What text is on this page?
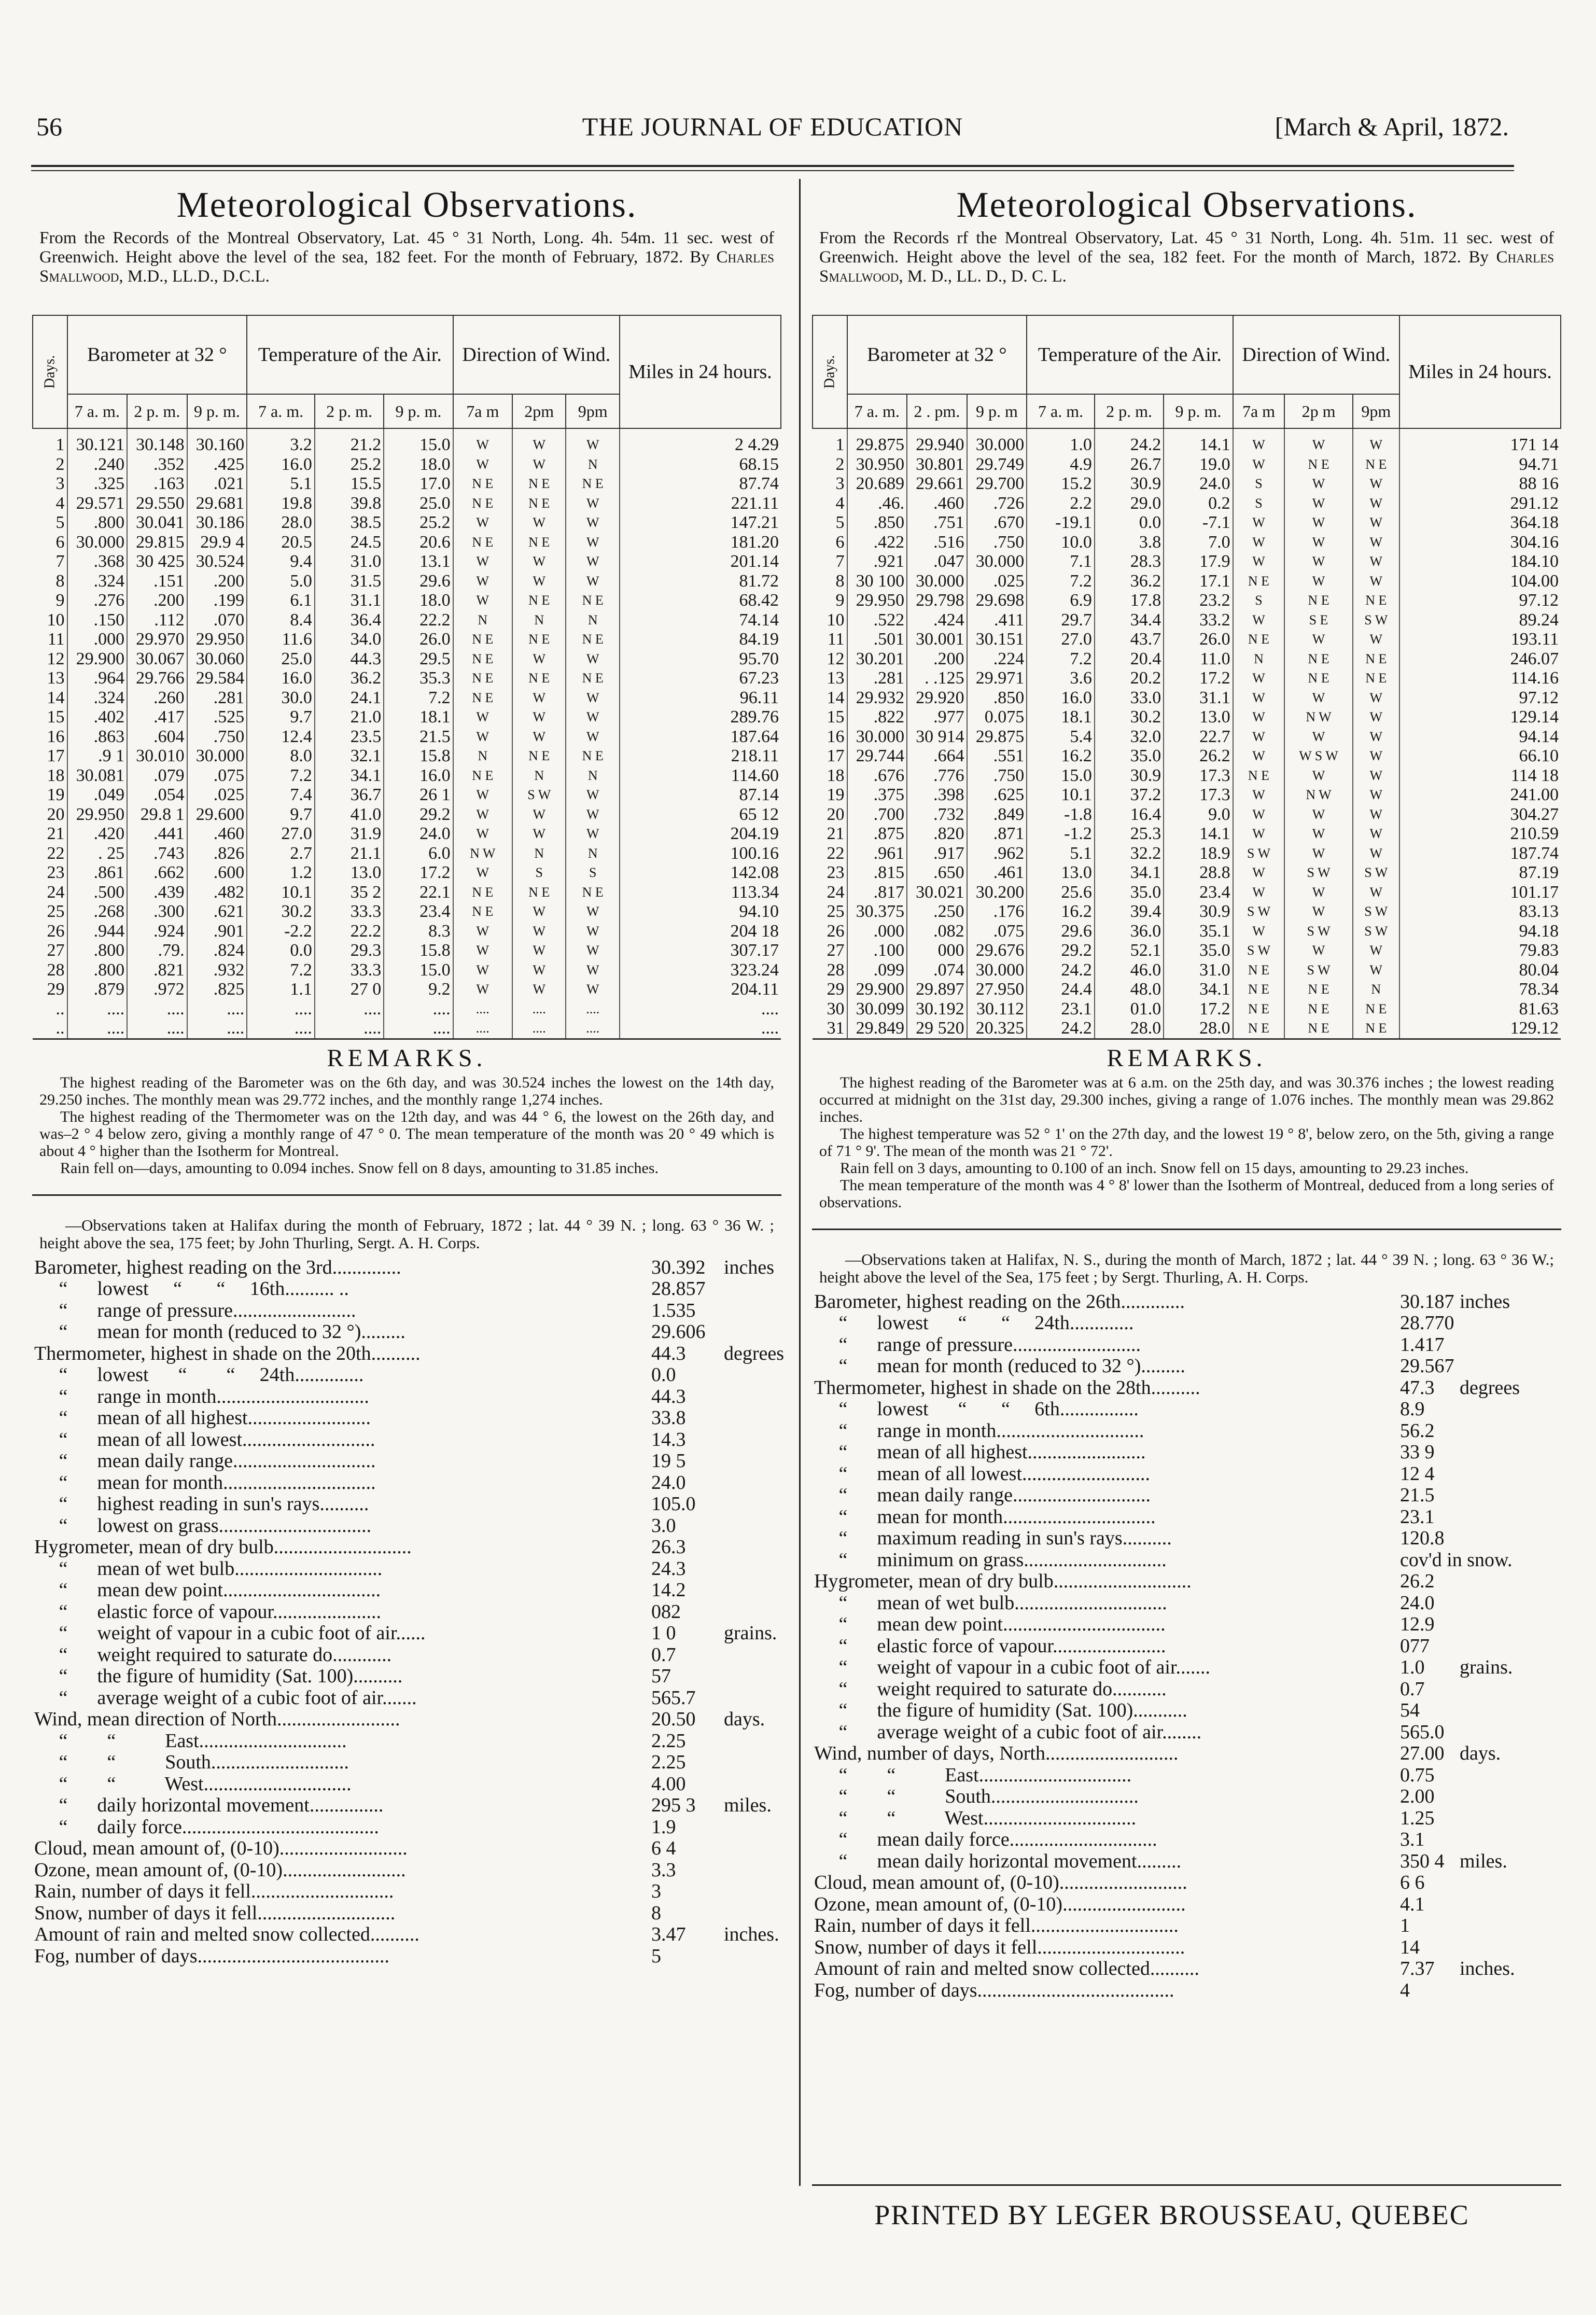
56	THE JOURNAL OF EDUCATION	[March & April, 1872.
Meteorological Observations.
From the Records of the Montreal Observatory, Lat. 45 ° 31 North, Long. 4h. 54m. 11 sec. west of Greenwich. Height above the level of the sea, 182 feet. For the month of February, 1872. By Charles Smallwood, M.D., LL.D., D.C.L.
Days.	Barometer at 32 °			Temperature of the Air.			Direction of Wind.			Miles in 24 hours.
	7 a. m.	2 p. m.	9 p. m.	7 a. m.	2 p. m.	9 p. m.	7a m	2pm	9pm	
1	30.121	30.148	30.160	3.2	21.2	15.0	W	W	W	2 4.29
2	.240	.352	.425	16.0	25.2	18.0	W	W	N	68.15
3	.325	.163	.021	5.1	15.5	17.0	N E	N E	N E	87.74
4	29.571	29.550	29.681	19.8	39.8	25.0	N E	N E	W	221.11
5	.800	30.041	30.186	28.0	38.5	25.2	W	W	W	147.21
6	30.000	29.815	29.9 4	20.5	24.5	20.6	N E	N E	W	181.20
7	.368	30 425	30.524	9.4	31.0	13.1	W	W	W	201.14
8	.324	.151	.200	5.0	31.5	29.6	W	W	W	81.72
9	.276	.200	.199	6.1	31.1	18.0	W	N E	N E	68.42
10	.150	.112	.070	8.4	36.4	22.2	N	N	N	74.14
11	.000	29.970	29.950	11.6	34.0	26.0	N E	N E	N E	84.19
12	29.900	30.067	30.060	25.0	44.3	29.5	N E	W	W	95.70
13	.964	29.766	29.584	16.0	36.2	35.3	N E	N E	N E	67.23
14	.324	.260	.281	30.0	24.1	7.2	N E	W	W	96.11
15	.402	.417	.525	9.7	21.0	18.1	W	W	W	289.76
16	.863	.604	.750	12.4	23.5	21.5	W	W	W	187.64
17	.9 1	30.010	30.000	8.0	32.1	15.8	N	N E	N E	218.11
18	30.081	.079	.075	7.2	34.1	16.0	N E	N	N	114.60
19	.049	.054	.025	7.4	36.7	26 1	W	S W	W	87.14
20	29.950	29.8 1	29.600	9.7	41.0	29.2	W	W	W	65 12
21	.420	.441	.460	27.0	31.9	24.0	W	W	W	204.19
22	. 25	.743	.826	2.7	21.1	6.0	N W	N	N	100.16
23	.861	.662	.600	1.2	13.0	17.2	W	S	S	142.08
24	.500	.439	.482	10.1	35 2	22.1	N E	N E	N E	113.34
25	.268	.300	.621	30.2	33.3	23.4	N E	W	W	94.10
26	.944	.924	.901	-2.2	22.2	8.3	W	W	W	204 18
27	.800	.79.	.824	0.0	29.3	15.8	W	W	W	307.17
28	.800	.821	.932	7.2	33.3	15.0	W	W	W	323.24
29	.879	.972	.825	1.1	27 0	9.2	W	W	W	204.11
..	....	....	....	....	....	....	....	....	....	....
..	....	....	....	....	....	....	....	....	....	....
REMARKS.

The highest reading of the Barometer was on the 6th day, and was 30.524 inches the lowest on the 14th day, 29.250 inches. The monthly mean was 29.772 inches, and the monthly range 1,274 inches.

The highest reading of the Thermometer was on the 12th day, and was 44 ° 6, the lowest on the 26th day, and was–2 ° 4 below zero, giving a monthly range of 47 ° 0. The mean temperature of the month was 20 ° 49 which is about 4 ° higher than the Isotherm for Montreal.

Rain fell on—days, amounting to 0.094 inches. Snow fell on 8 days, amounting to 31.85 inches.

—Observations taken at Halifax during the month of February, 1872 ; lat. 44 ° 39 N. ; long. 63 ° 36 W. ; height above the sea, 175 feet; by John Thurling, Sergt. A. H. Corps.
Barometer, highest reading on the 3rd..............	30.392 inches
“      lowest     “       “     16th.......... ..	28.857
“      range of pressure.........................	1.535
“      mean for month (reduced to 32 °).........	29.606
Thermometer, highest in shade on the 20th..........	44.3 degrees
“      lowest      “        “     24th..............	0.0
“      range in month...............................	44.3
“      mean of all highest.........................	33.8
“      mean of all lowest...........................	14.3
“      mean daily range.............................	19 5
“      mean for month...............................	24.0
“      highest reading in sun's rays..........	105.0
“      lowest on grass...............................	3.0
Hygrometer, mean of dry bulb............................	26.3
“      mean of wet bulb..............................	24.3
“      mean dew point................................	14.2
“      elastic force of vapour......................	082
“      weight of vapour in a cubic foot of air......	1 0 grains.
“      weight required to saturate do............	0.7
“      the figure of humidity (Sat. 100)..........	57
“      average weight of a cubic foot of air.......	565.7
Wind, mean direction of North.........................	20.50 days.
“        “          East..............................	2.25
“        “          South............................	2.25
“        “          West..............................	4.00
“      daily horizontal movement...............	295 3 miles.
“      daily force........................................	1.9
Cloud, mean amount of, (0-10)..........................	6 4
Ozone, mean amount of, (0-10).........................	3.3
Rain, number of days it fell.............................	3
Snow, number of days it fell............................	8
Amount of rain and melted snow collected..........	3.47 inches.
Fog, number of days.......................................	5
Meteorological Observations.
From the Records rf the Montreal Observatory, Lat. 45 ° 31 North, Long. 4h. 51m. 11 sec. west of Greenwich. Height above the level of the sea, 182 feet. For the month of March, 1872. By Charles Smallwood, M. D., LL. D., D. C. L.
Days.	Barometer at 32 °			Temperature of the Air.			Direction of Wind.			Miles in 24 hours.
	7 a. m.	2 . pm.	9 p. m	7 a. m.	2 p. m.	9 p. m.	7a m	2p m	9pm	
1	29.875	29.940	30.000	1.0	24.2	14.1	W	W	W	171 14
2	30.950	30.801	29.749	4.9	26.7	19.0	W	N E	N E	94.71
3	20.689	29.661	29.700	15.2	30.9	24.0	S	W	W	88 16
4	.46.	.460	.726	2.2	29.0	0.2	S	W	W	291.12
5	.850	.751	.670	-19.1	0.0	-7.1	W	W	W	364.18
6	.422	.516	.750	10.0	3.8	7.0	W	W	W	304.16
7	.921	.047	30.000	7.1	28.3	17.9	W	W	W	184.10
8	30 100	30.000	.025	7.2	36.2	17.1	N E	W	W	104.00
9	29.950	29.798	29.698	6.9	17.8	23.2	S	N E	N E	97.12
10	.522	.424	.411	29.7	34.4	33.2	W	S E	S W	89.24
11	.501	30.001	30.151	27.0	43.7	26.0	N E	W	W	193.11
12	30.201	.200	.224	7.2	20.4	11.0	N	N E	N E	246.07
13	.281	. .125	29.971	3.6	20.2	17.2	W	N E	N E	114.16
14	29.932	29.920	.850	16.0	33.0	31.1	W	W	W	97.12
15	.822	.977	0.075	18.1	30.2	13.0	W	N W	W	129.14
16	30.000	30 914	29.875	5.4	32.0	22.7	W	W	W	94.14
17	29.744	.664	.551	16.2	35.0	26.2	W	W S W	W	66.10
18	.676	.776	.750	15.0	30.9	17.3	N E	W	W	114 18
19	.375	.398	.625	10.1	37.2	17.3	W	N W	W	241.00
20	.700	.732	.849	-1.8	16.4	9.0	W	W	W	304.27
21	.875	.820	.871	-1.2	25.3	14.1	W	W	W	210.59
22	.961	.917	.962	5.1	32.2	18.9	S W	W	W	187.74
23	.815	.650	.461	13.0	34.1	28.8	W	S W	S W	87.19
24	.817	30.021	30.200	25.6	35.0	23.4	W	W	W	101.17
25	30.375	.250	.176	16.2	39.4	30.9	S W	W	S W	83.13
26	.000	.082	.075	29.6	36.0	35.1	W	S W	S W	94.18
27	.100	000	29.676	29.2	52.1	35.0	S W	W	W	79.83
28	.099	.074	30.000	24.2	46.0	31.0	N E	S W	W	80.04
29	29.900	29.897	27.950	24.4	48.0	34.1	N E	N E	N	78.34
30	30.099	30.192	30.112	23.1	01.0	17.2	N E	N E	N E	81.63
31	29.849	29 520	20.325	24.2	28.0	28.0	N E	N E	N E	129.12
REMARKS.

The highest reading of the Barometer was at 6 a.m. on the 25th day, and was 30.376 inches ; the lowest reading occurred at midnight on the 31st day, 29.300 inches, giving a range of 1.076 inches. The monthly mean was 29.862 inches.

The highest temperature was 52 ° 1' on the 27th day, and the lowest 19 ° 8', below zero, on the 5th, giving a range of 71 ° 9'. The mean of the month was 21 ° 72'.

Rain fell on 3 days, amounting to 0.100 of an inch. Snow fell on 15 days, amounting to 29.23 inches.

The mean temperature of the month was 4 ° 8' lower than the Isotherm of Montreal, deduced from a long series of observations.

—Observations taken at Halifax, N. S., during the month of March, 1872 ; lat. 44 ° 39 N. ; long. 63 ° 36 W.; height above the level of the Sea, 175 feet ; by Sergt. Thurling, A. H. Corps.
Barometer, highest reading on the 26th.............	30.187 inches
“      lowest      “       “     24th.............	28.770
“      range of pressure..........................	1.417
“      mean for month (reduced to 32 °).........	29.567
Thermometer, highest in shade on the 28th..........	47.3 degrees
“      lowest      “       “     6th................	8.9
“      range in month..............................	56.2
“      mean of all highest........................	33 9
“      mean of all lowest..........................	12 4
“      mean daily range............................	21.5
“      mean for month...............................	23.1
“      maximum reading in sun's rays..........	120.8
“      minimum on grass.............................	cov'd in snow.
Hygrometer, mean of dry bulb............................	26.2
“      mean of wet bulb...............................	24.0
“      mean dew point.................................	12.9
“      elastic force of vapour.......................	077
“      weight of vapour in a cubic foot of air.......	1.0 grains.
“      weight required to saturate do...........	0.7
“      the figure of humidity (Sat. 100)...........	54
“      average weight of a cubic foot of air........	565.0
Wind, number of days, North...........................	27.00 days.
“        “          East...............................	0.75
“        “          South..............................	2.00
“        “          West...............................	1.25
“      mean daily force..............................	3.1
“      mean daily horizontal movement.........	350 4 miles.
Cloud, mean amount of, (0-10)..........................	6 6
Ozone, mean amount of, (0-10).........................	4.1
Rain, number of days it fell..............................	1
Snow, number of days it fell..............................	14
Amount of rain and melted snow collected..........	7.37 inches.
Fog, number of days........................................	4
PRINTED BY LEGER BROUSSEAU, QUEBEC
